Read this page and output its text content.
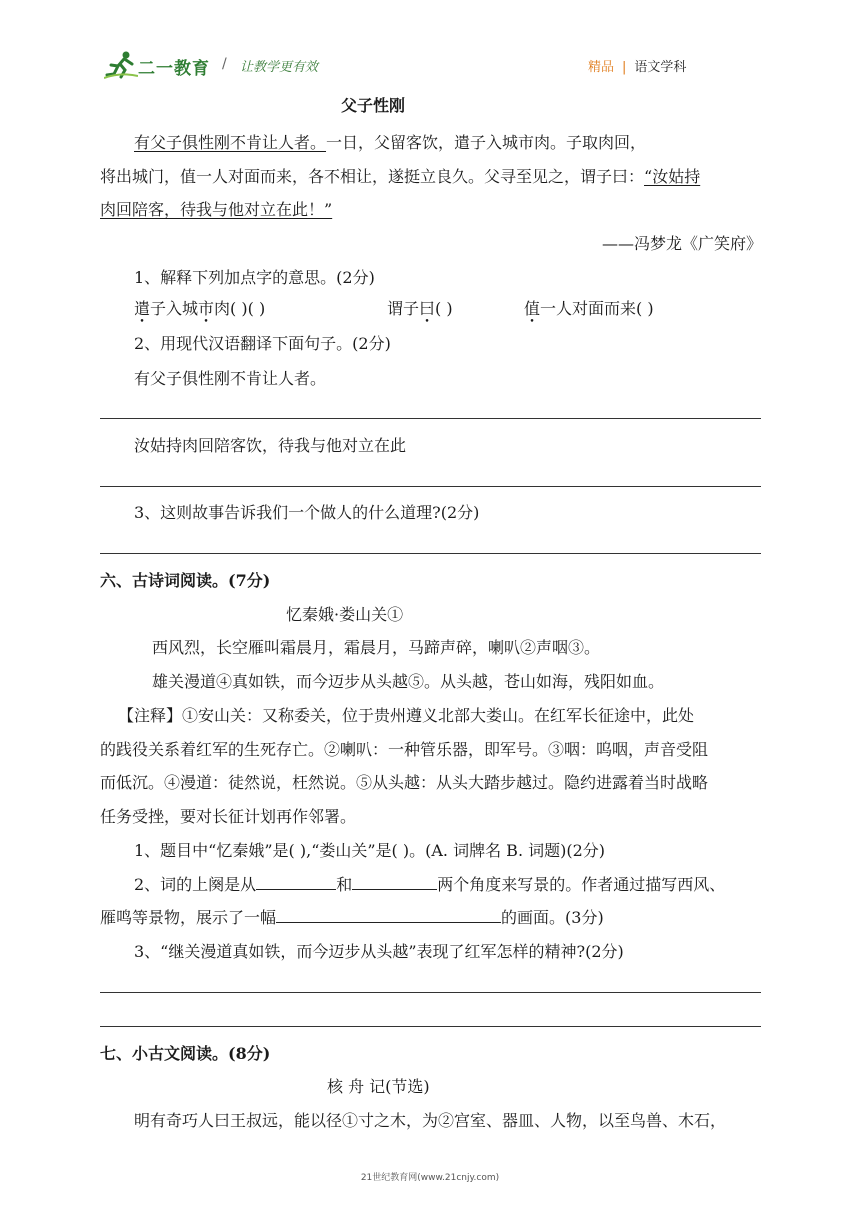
二一教育 / 让教学更有效	精品 | 语文学科
父子性刚
有父子俱性刚不肯让人者。一日，父留客饮，遣子入城市肉。子取肉回，
将出城门，值一人对面而来，各不相让，遂挺立良久。父寻至见之，谓子曰：“汝姑持
肉回陪客，待我与他对立在此！”
——冯梦龙《广笑府》
1、解释下列加点字的意思。(2分)
遣子入城市肉( )( )	谓子曰( )	值一人对面而来( )
2、用现代汉语翻译下面句子。(2分)
有父子俱性刚不肯让人者。
汝姑持肉回陪客饮，待我与他对立在此
3、这则故事告诉我们一个做人的什么道理?(2分)
六、古诗词阅读。(7分)
忆秦娥·娄山关①
西风烈，长空雁叫霜晨月，霜晨月，马蹄声碎，喇叭②声咽③。
雄关漫道④真如铁，而今迈步从头越⑤。从头越，苍山如海，残阳如血。
【注释】①安山关：又称委关，位于贵州遵义北部大娄山。在红军长征途中，此处
的践役关系着红军的生死存亡。②喇叭：一种管乐器，即军号。③咽：呜咽，声音受阻
而低沉。④漫道：徒然说，枉然说。⑤从头越：从头大踏步越过。隐约进露着当时战略
任务受挫，要对长征计划再作邻署。
1、题目中“忆秦娥”是( ),“娄山关”是( )。(A. 词牌名 B. 词题)(2分)
2、词的上阕是从	和	两个角度来写景的。作者通过描写西风、
雁鸣等景物，展示了一幅	的画面。(3分)
3、“继关漫道真如铁，而今迈步从头越”表现了红军怎样的精神?(2分)
七、小古文阅读。(8分)
核 舟 记(节选)
明有奇巧人曰王叔远，能以径①寸之木，为②宫室、器皿、人物，以至鸟兽、木石，
21世纪教育网(www.21cnjy.com)
